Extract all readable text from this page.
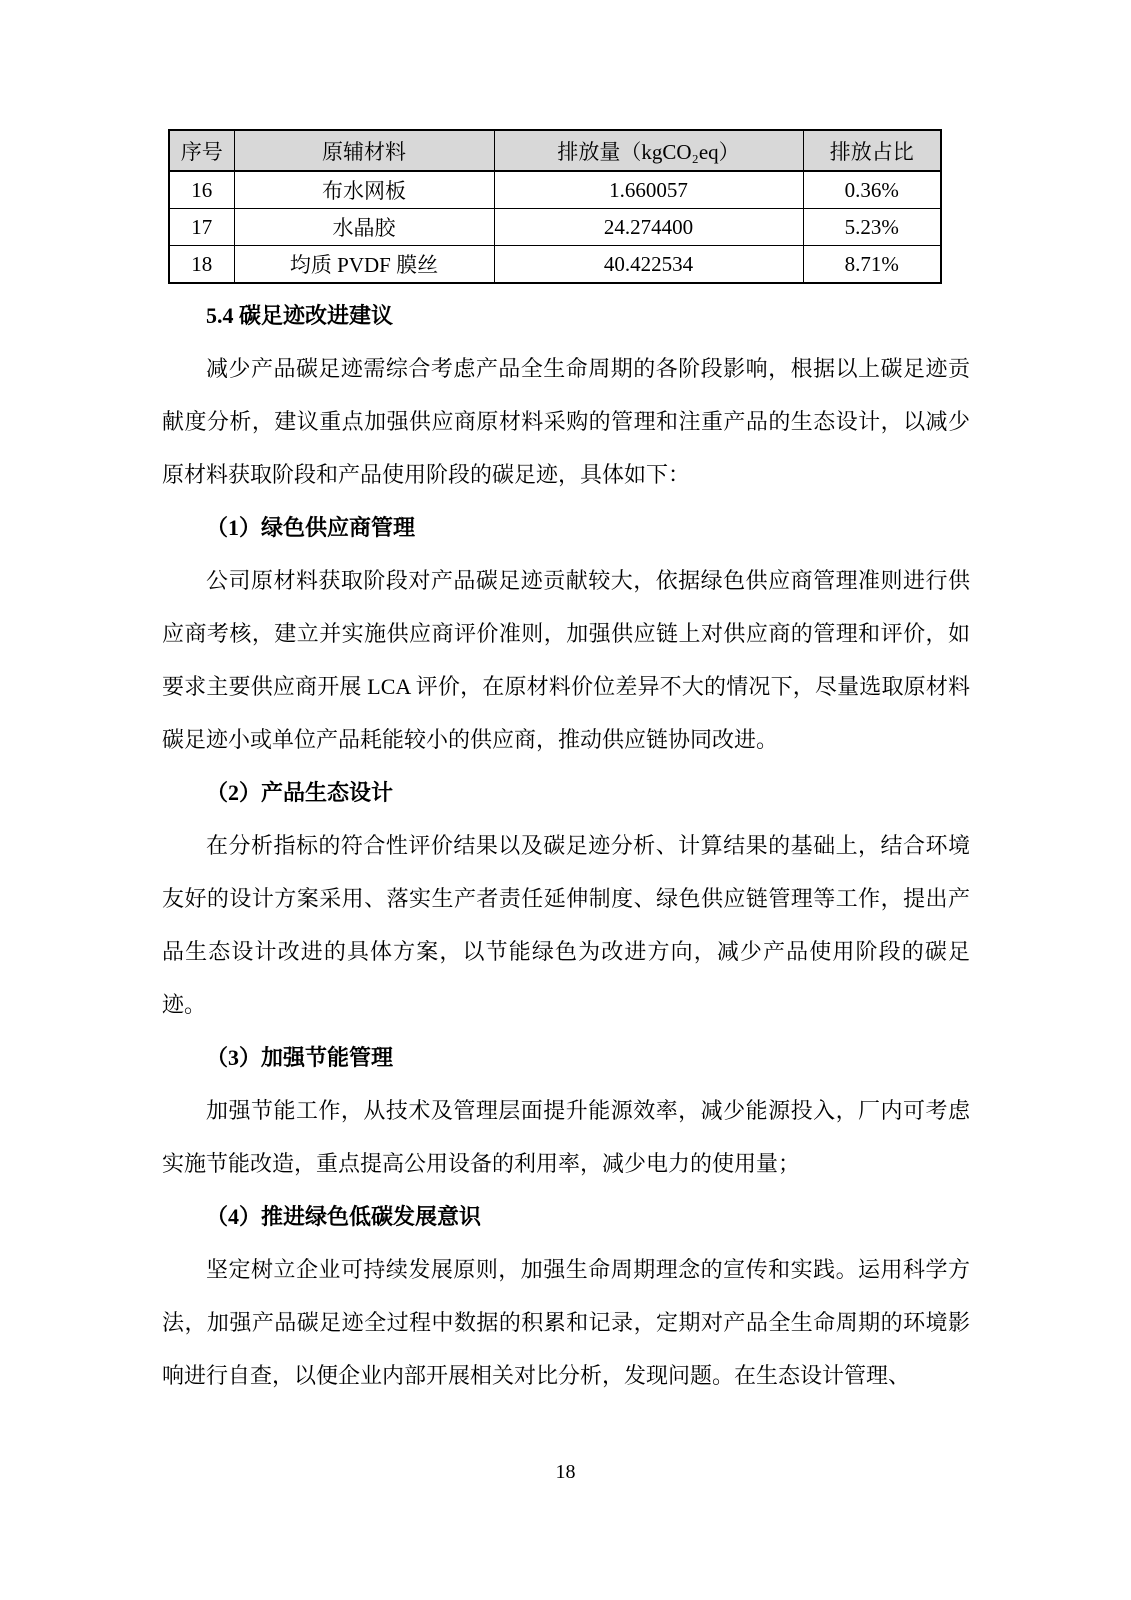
序号	原辅材料	排放量（kgCO₂eq）	排放占比
16	布水网板	1.660057	0.36%
17	水晶胶	24.274400	5.23%
18	均质 PVDF 膜丝	40.422534	8.71%

5.4 碳足迹改进建议

减少产品碳足迹需综合考虑产品全生命周期的各阶段影响，根据以上碳足迹贡献度分析，建议重点加强供应商原材料采购的管理和注重产品的生态设计，以减少原材料获取阶段和产品使用阶段的碳足迹，具体如下：

（1）绿色供应商管理

公司原材料获取阶段对产品碳足迹贡献较大，依据绿色供应商管理准则进行供应商考核，建立并实施供应商评价准则，加强供应链上对供应商的管理和评价，如要求主要供应商开展 LCA 评价，在原材料价位差异不大的情况下，尽量选取原材料碳足迹小或单位产品耗能较小的供应商，推动供应链协同改进。

（2）产品生态设计

在分析指标的符合性评价结果以及碳足迹分析、计算结果的基础上，结合环境友好的设计方案采用、落实生产者责任延伸制度、绿色供应链管理等工作，提出产品生态设计改进的具体方案，以节能绿色为改进方向，减少产品使用阶段的碳足迹。

（3）加强节能管理

加强节能工作，从技术及管理层面提升能源效率，减少能源投入，厂内可考虑实施节能改造，重点提高公用设备的利用率，减少电力的使用量；

（4）推进绿色低碳发展意识

坚定树立企业可持续发展原则，加强生命周期理念的宣传和实践。运用科学方法，加强产品碳足迹全过程中数据的积累和记录，定期对产品全生命周期的环境影响进行自查，以便企业内部开展相关对比分析，发现问题。在生态设计管理、

18
